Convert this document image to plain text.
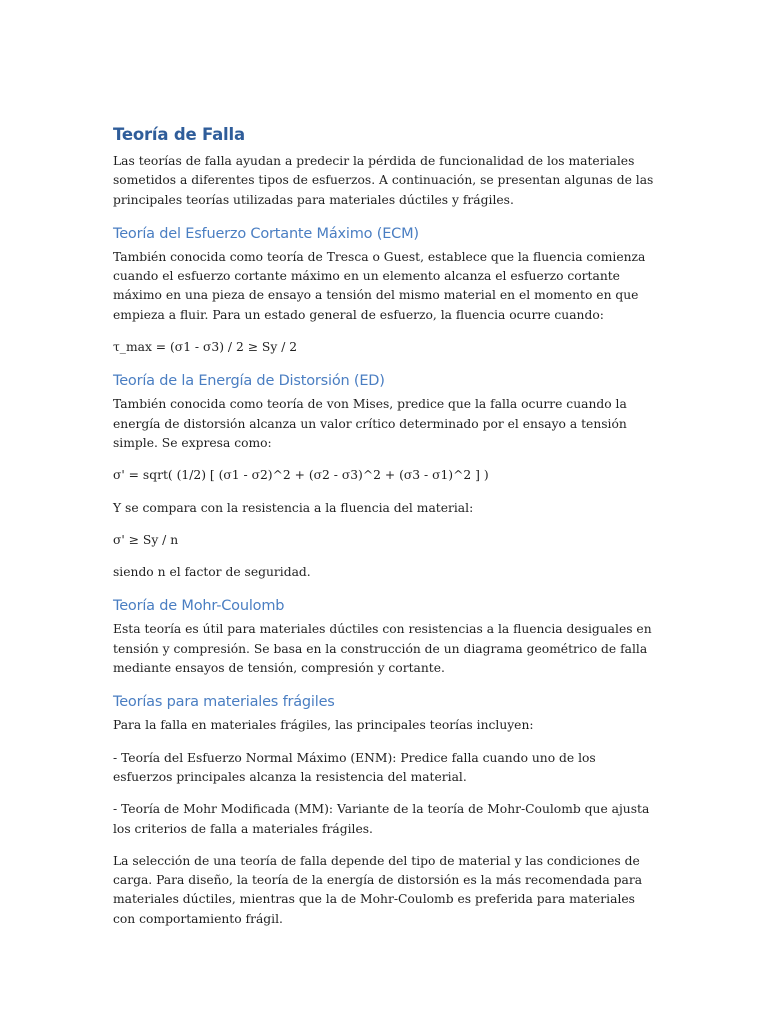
Teoría de Falla

Las teorías de falla ayudan a predecir la pérdida de funcionalidad de los materiales sometidos a diferentes tipos de esfuerzos. A continuación, se presentan algunas de las principales teorías utilizadas para materiales dúctiles y frágiles.

Teoría del Esfuerzo Cortante Máximo (ECM)

También conocida como teoría de Tresca o Guest, establece que la fluencia comienza cuando el esfuerzo cortante máximo en un elemento alcanza el esfuerzo cortante máximo en una pieza de ensayo a tensión del mismo material en el momento en que empieza a fluir. Para un estado general de esfuerzo, la fluencia ocurre cuando:

τ_max = (σ1 - σ3) / 2 ≥ Sy / 2

Teoría de la Energía de Distorsión (ED)

También conocida como teoría de von Mises, predice que la falla ocurre cuando la energía de distorsión alcanza un valor crítico determinado por el ensayo a tensión simple. Se expresa como:

σ' = sqrt( (1/2) [ (σ1 - σ2)^2 + (σ2 - σ3)^2 + (σ3 - σ1)^2 ] )

Y se compara con la resistencia a la fluencia del material:

σ' ≥ Sy / n

siendo n el factor de seguridad.

Teoría de Mohr-Coulomb

Esta teoría es útil para materiales dúctiles con resistencias a la fluencia desiguales en tensión y compresión. Se basa en la construcción de un diagrama geométrico de falla mediante ensayos de tensión, compresión y cortante.

Teorías para materiales frágiles

Para la falla en materiales frágiles, las principales teorías incluyen:

- Teoría del Esfuerzo Normal Máximo (ENM): Predice falla cuando uno de los esfuerzos principales alcanza la resistencia del material.

- Teoría de Mohr Modificada (MM): Variante de la teoría de Mohr-Coulomb que ajusta los criterios de falla a materiales frágiles.

La selección de una teoría de falla depende del tipo de material y las condiciones de carga. Para diseño, la teoría de la energía de distorsión es la más recomendada para materiales dúctiles, mientras que la de Mohr-Coulomb es preferida para materiales con comportamiento frágil.
